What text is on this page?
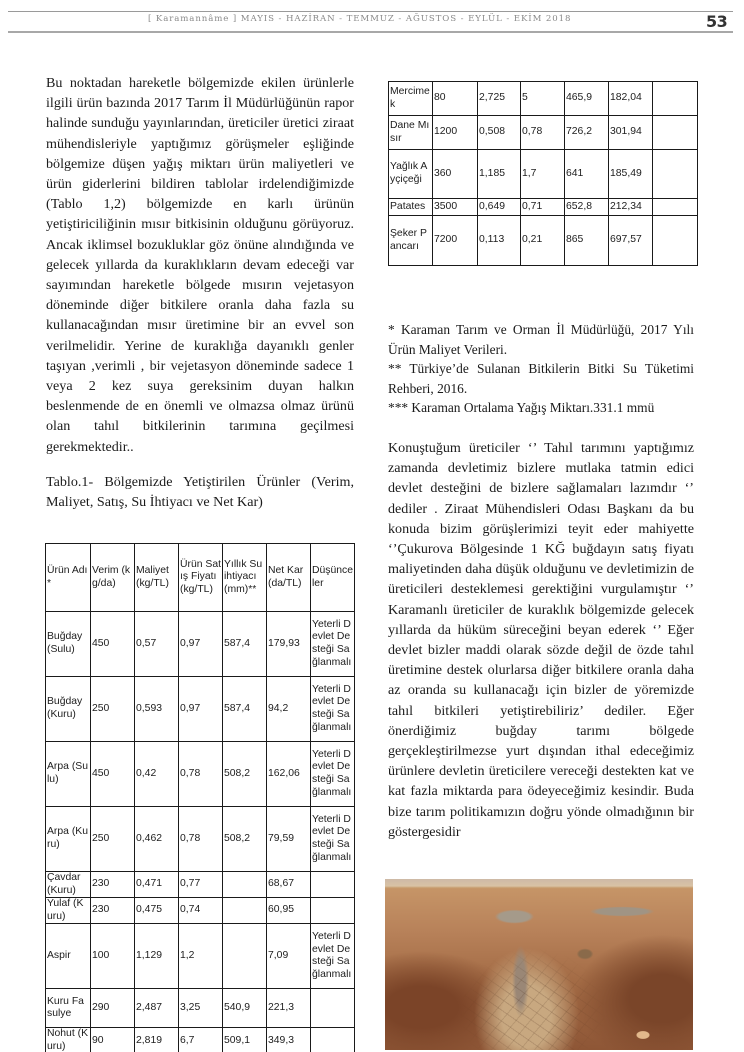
[ Karamannâme ] MAYIS - HAZİRAN - TEMMUZ - AĞUSTOS - EYLÜL - EKİM 2018	53

Bu noktadan hareketle bölgemizde ekilen ürünlerle ilgili ürün bazında 2017 Tarım İl Müdürlüğünün rapor halinde sunduğu yayınlarından, üreticiler üretici ziraat mühendisleriyle yaptığımız görüşmeler eşliğinde bölgemize düşen yağış miktarı ürün maliyetleri ve ürün giderlerini bildiren tablolar irdelendiğimizde (Tablo 1,2) bölgemizde en karlı ürünün yetiştiriciliğinin mısır bitkisinin olduğunu görüyoruz. Ancak iklimsel bozukluklar göz önüne alındığında ve gelecek yıllarda da kuraklıkların devam edeceği var sayımından hareketle bölgede mısırın vejetasyon döneminde diğer bitkilere oranla daha fazla su kullanacağından mısır üretimine bir an evvel son verilmelidir. Yerine de kuraklığa dayanıklı genler taşıyan ,verimli , bir vejetasyon döneminde sadece 1 veya 2 kez suya gereksinim duyan halkın beslenmende de en önemli ve olmazsa olmaz ürünü olan tahıl bitkilerinin tarımına geçilmesi gerekmektedir..

Tablo.1- Bölgemizde Yetiştirilen Ürünler (Verim, Maliyet, Satış, Su İhtiyacı ve Net Kar)

Ürün Adı*	Verim (kg/da)	Maliyet (kg/TL)	Ürün Satış Fiyatı (kg/TL)	Yıllık Su ihtiyacı (mm)**	Net Kar (da/TL)	Düşünceler
Buğday (Sulu)	450	0,57	0,97	587,4	179,93	Yeterli Devlet Desteği Sağlanmalı
Buğday (Kuru)	250	0,593	0,97	587,4	94,2	Yeterli Devlet Desteği Sağlanmalı
Arpa (Sulu)	450	0,42	0,78	508,2	162,06	Yeterli Devlet Desteği Sağlanmalı
Arpa (Kuru)	250	0,462	0,78	508,2	79,59	Yeterli Devlet Desteği Sağlanmalı
Çavdar (Kuru)	230	0,471	0,77		68,67	
Yulaf (Kuru)	230	0,475	0,74		60,95	
Aspir	100	1,129	1,2		7,09	Yeterli Devlet Desteği Sağlanmalı
Kuru Fasulye	290	2,487	3,25	540,9	221,3	
Nohut (Kuru)	90	2,819	6,7	509,1	349,3	
Mercimek	80	2,725	5	465,9	182,04	
Dane Mısır	1200	0,508	0,78	726,2	301,94	
Yağlık Ayçiçeği	360	1,185	1,7	641	185,49	
Patates	3500	0,649	0,71	652,8	212,34	
Şeker Pancarı	7200	0,113	0,21	865	697,57	
* Karaman Tarım ve Orman İl Müdürlüğü, 2017 Yılı Ürün Maliyet Verileri.
** Türkiye’de Sulanan Bitkilerin Bitki Su Tüketimi Rehberi, 2016.
*** Karaman Ortalama Yağış Miktarı.331.1 mmü

Konuştuğum üreticiler ‘’ Tahıl tarımını yaptığımız zamanda devletimiz bizlere mutlaka tatmin edici devlet desteğini de bizlere sağlamaları lazımdır ‘’ dediler . Ziraat Mühendisleri Odası Başkanı da bu konuda bizim görüşlerimizi teyit eder mahiyette ‘’Çukurova Bölgesinde 1 KĞ buğdayın satış fiyatı maliyetinden daha düşük olduğunu ve devletimizin de üreticileri desteklemesi gerektiğini vurgulamıştır ‘’ Karamanlı üreticiler de kuraklık bölgemizde gelecek yıllarda da hüküm süreceğini beyan ederek ‘’ Eğer devlet bizler maddi olarak sözde değil de özde tahıl üretimine destek olurlarsa diğer bitkilere oranla daha az oranda su kullanacağı için bizler de yöremizde tahıl bitkileri yetiştirebiliriz’ dediler. Eğer önerdiğimiz buğday tarımı bölgede gerçekleştirilmezse yurt dışından ithal edeceğimiz ürünlere devletin üreticilere vereceği destekten kat ve kat fazla miktarda para ödeyeceğimiz kesindir. Buda bize tarım politikamızın doğru yönde olmadığının bir göstergesidir
